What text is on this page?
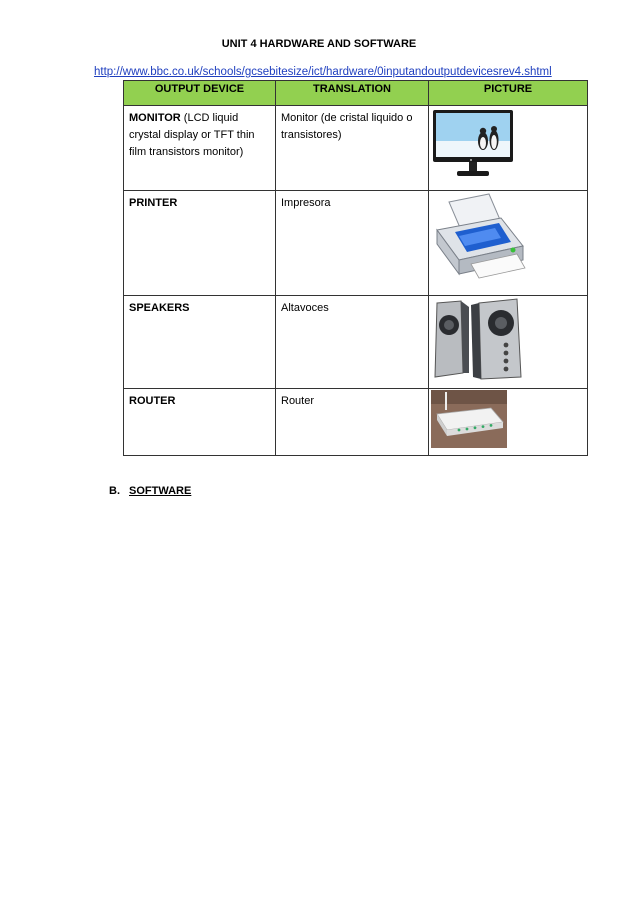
UNIT 4 HARDWARE AND SOFTWARE
http://www.bbc.co.uk/schools/gcsebitesize/ict/hardware/0inputandoutputdevicesrev4.shtml
OUTPUT DEVICE	TRANSLATION	PICTURE
MONITOR (LCD liquid crystal display or TFT thin film transistors monitor)	Monitor (de cristal liquido o transistores)	
PRINTER	Impresora	
SPEAKERS	Altavoces	
ROUTER	Router	
B. SOFTWARE
